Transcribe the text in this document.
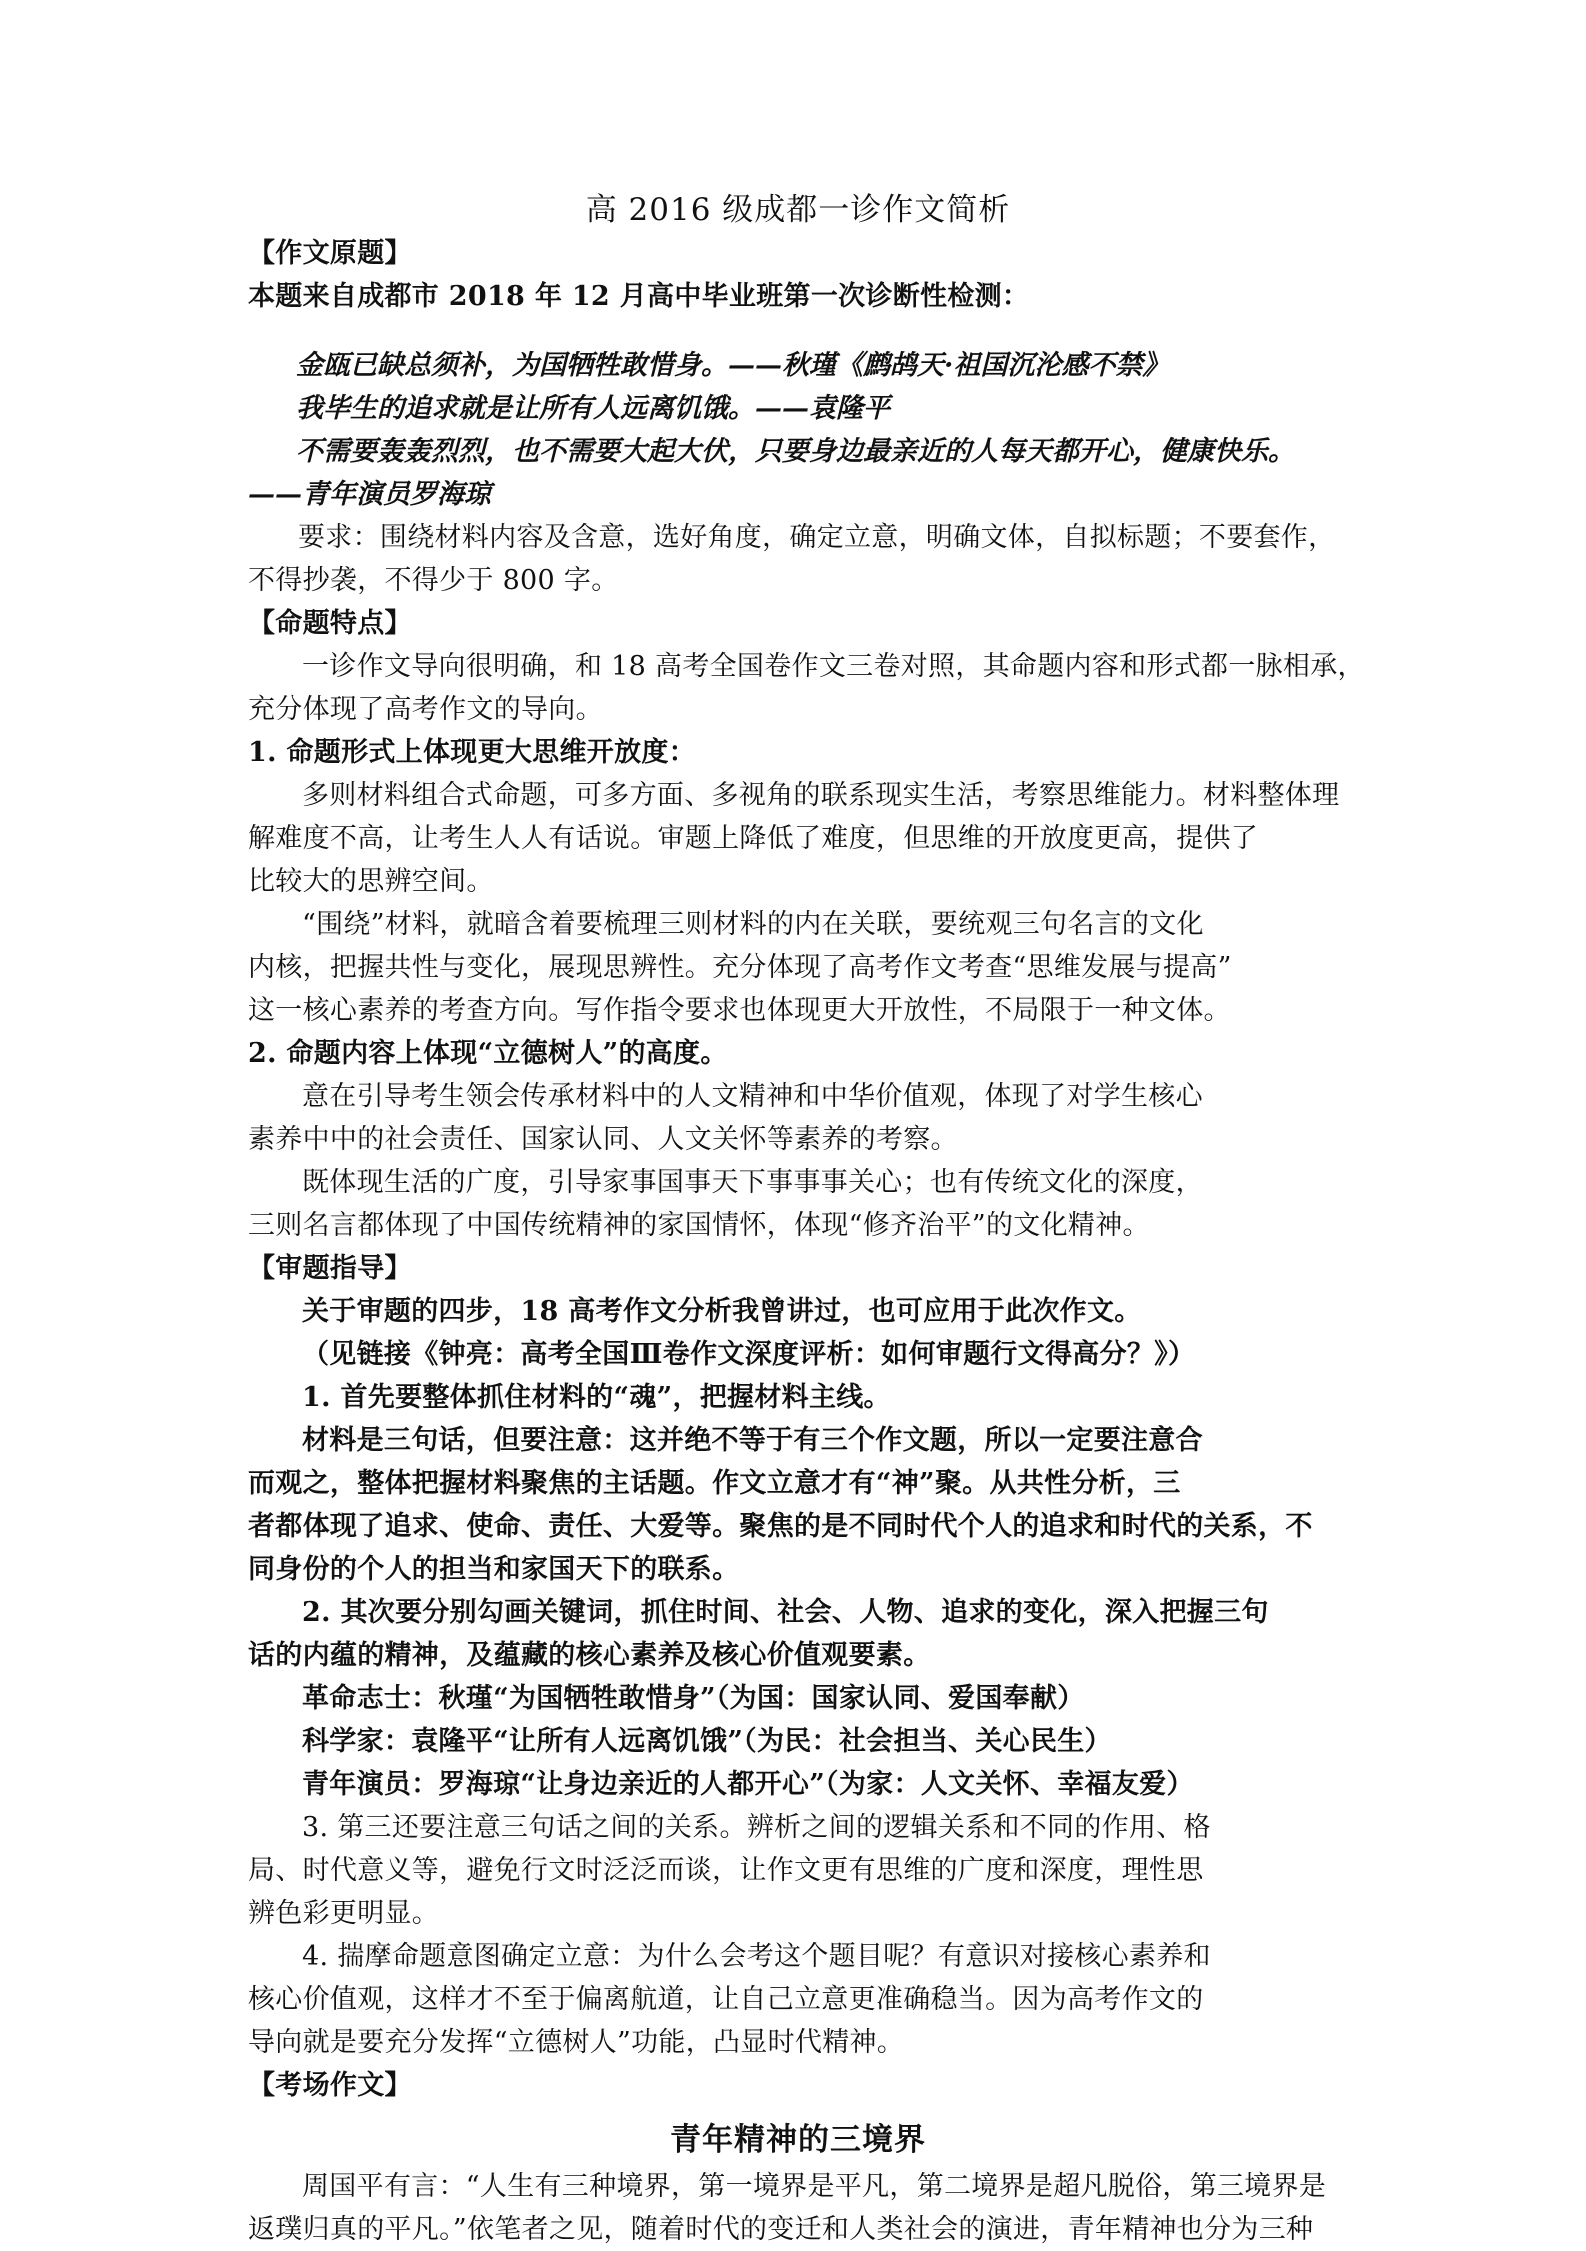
高 2016 级成都一诊作文简析
【作文原题】
本题来自成都市 2018 年 12 月高中毕业班第一次诊断性检测：
金瓯已缺总须补，为国牺牲敢惜身。——秋瑾《鹧鸪天·祖国沉沦感不禁》
我毕生的追求就是让所有人远离饥饿。——袁隆平
不需要轰轰烈烈，也不需要大起大伏，只要身边最亲近的人每天都开心，健康快乐。
——青年演员罗海琼
要求：围绕材料内容及含意，选好角度，确定立意，明确文体，自拟标题；不要套作，
不得抄袭，不得少于 800 字。
【命题特点】
一诊作文导向很明确，和 18 高考全国卷作文三卷对照，其命题内容和形式都一脉相承，
充分体现了高考作文的导向。
1. 命题形式上体现更大思维开放度：
多则材料组合式命题，可多方面、多视角的联系现实生活，考察思维能力。材料整体理
解难度不高，让考生人人有话说。审题上降低了难度，但思维的开放度更高，提供了
比较大的思辨空间。
“围绕”材料，就暗含着要梳理三则材料的内在关联，要统观三句名言的文化
内核，把握共性与变化，展现思辨性。充分体现了高考作文考查“思维发展与提高”
这一核心素养的考查方向。写作指令要求也体现更大开放性，不局限于一种文体。
2. 命题内容上体现“立德树人”的高度。
意在引导考生领会传承材料中的人文精神和中华价值观，体现了对学生核心
素养中中的社会责任、国家认同、人文关怀等素养的考察。
既体现生活的广度，引导家事国事天下事事事关心；也有传统文化的深度，
三则名言都体现了中国传统精神的家国情怀，体现“修齐治平”的文化精神。
【审题指导】
关于审题的四步，18 高考作文分析我曾讲过，也可应用于此次作文。
（见链接《钟亮：高考全国Ⅲ卷作文深度评析：如何审题行文得高分？》）
1. 首先要整体抓住材料的“魂”，把握材料主线。
材料是三句话，但要注意：这并绝不等于有三个作文题，所以一定要注意合
而观之，整体把握材料聚焦的主话题。作文立意才有“神”聚。从共性分析，三
者都体现了追求、使命、责任、大爱等。聚焦的是不同时代个人的追求和时代的关系，不
同身份的个人的担当和家国天下的联系。
2. 其次要分别勾画关键词，抓住时间、社会、人物、追求的变化，深入把握三句
话的内蕴的精神，及蕴藏的核心素养及核心价值观要素。
革命志士：秋瑾“为国牺牲敢惜身”（为国：国家认同、爱国奉献）
科学家：袁隆平“让所有人远离饥饿”（为民：社会担当、关心民生）
青年演员：罗海琼“让身边亲近的人都开心”（为家：人文关怀、幸福友爱）
3. 第三还要注意三句话之间的关系。辨析之间的逻辑关系和不同的作用、格
局、时代意义等，避免行文时泛泛而谈，让作文更有思维的广度和深度，理性思
辨色彩更明显。
4. 揣摩命题意图确定立意：为什么会考这个题目呢？有意识对接核心素养和
核心价值观，这样才不至于偏离航道，让自己立意更准确稳当。因为高考作文的
导向就是要充分发挥“立德树人”功能，凸显时代精神。
【考场作文】
青年精神的三境界
周国平有言：“人生有三种境界，第一境界是平凡，第二境界是超凡脱俗，第三境界是
返璞归真的平凡。”依笔者之见，随着时代的变迁和人类社会的演进，青年精神也分为三种
